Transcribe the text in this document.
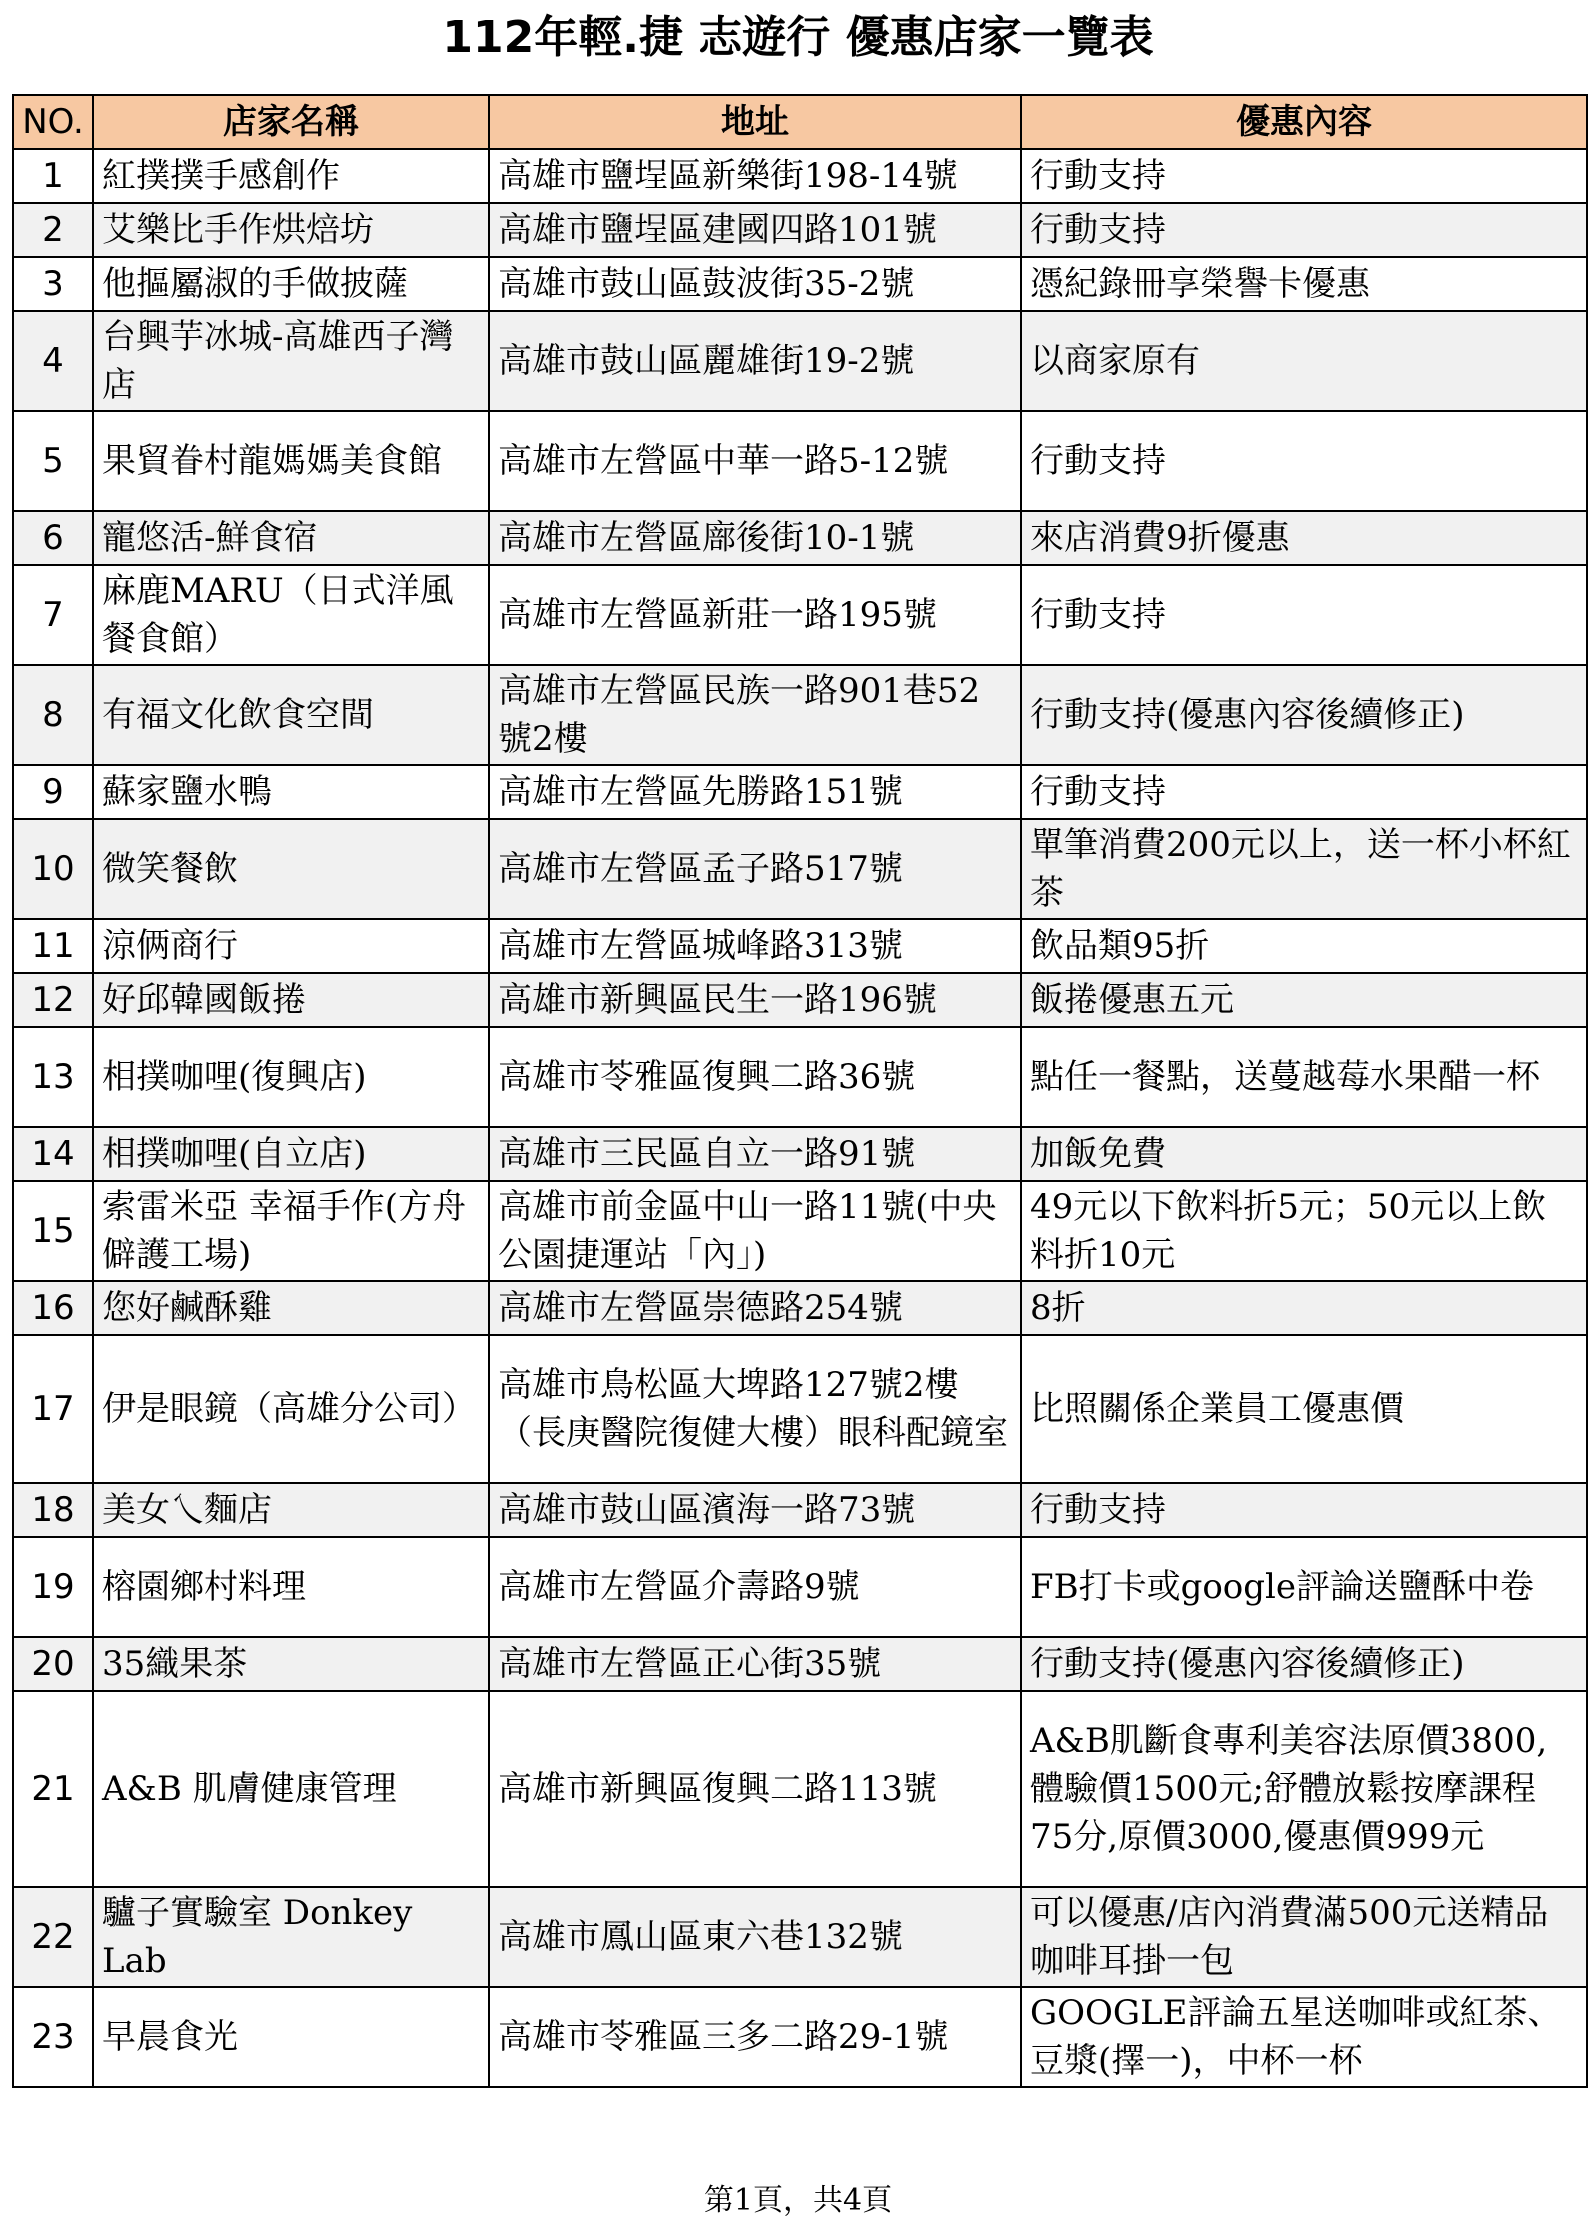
112年輕.捷 志遊行 優惠店家一覽表
NO.	店家名稱	地址	優惠內容
1	紅撲撲手感創作	高雄市鹽埕區新樂街198-14號	行動支持
2	艾樂比手作烘焙坊	高雄市鹽埕區建國四路101號	行動支持
3	他摳屬淑的手做披薩	高雄市鼓山區鼓波街35-2號	憑紀錄冊享榮譽卡優惠
4	台興芋冰城-高雄西子灣店	高雄市鼓山區麗雄街19-2號	以商家原有
5	果貿眷村龍媽媽美食館	高雄市左營區中華一路5-12號	行動支持
6	寵悠活-鮮食宿	高雄市左營區廍後街10-1號	來店消費9折優惠
7	麻鹿MARU（日式洋風餐食館）	高雄市左營區新莊一路195號	行動支持
8	有福文化飲食空間	高雄市左營區民族一路901巷52號2樓	行動支持(優惠內容後續修正)
9	蘇家鹽水鴨	高雄市左營區先勝路151號	行動支持
10	微笑餐飲	高雄市左營區孟子路517號	單筆消費200元以上，送一杯小杯紅茶
11	涼俩商行	高雄市左營區城峰路313號	飲品類95折
12	好邱韓國飯捲	高雄市新興區民生一路196號	飯捲優惠五元
13	相撲咖哩(復興店)	高雄市苓雅區復興二路36號	點任一餐點，送蔓越莓水果醋一杯
14	相撲咖哩(自立店)	高雄市三民區自立一路91號	加飯免費
15	索雷米亞 幸福手作(方舟僻護工場)	高雄市前金區中山一路11號(中央公園捷運站「內」)	49元以下飲料折5元；50元以上飲料折10元
16	您好鹹酥雞	高雄市左營區崇德路254號	8折
17	伊是眼鏡（高雄分公司）	高雄市鳥松區大埤路127號2樓（長庚醫院復健大樓）眼科配鏡室	比照關係企業員工優惠價
18	美女乀麵店	高雄市鼓山區濱海一路73號	行動支持
19	榕園鄉村料理	高雄市左營區介壽路9號	FB打卡或google評論送鹽酥中卷
20	35織果茶	高雄市左營區正心街35號	行動支持(優惠內容後續修正)
21	A&B 肌膚健康管理	高雄市新興區復興二路113號	A&B肌斷食專利美容法原價3800,體驗價1500元;舒體放鬆按摩課程75分,原價3000,優惠價999元
22	驢子實驗室 Donkey Lab	高雄市鳳山區東六巷132號	可以優惠/店內消費滿500元送精品咖啡耳掛一包
23	早晨食光	高雄市苓雅區三多二路29-1號	GOOGLE評論五星送咖啡或紅茶、豆漿(擇一)，中杯一杯
第1頁，共4頁
